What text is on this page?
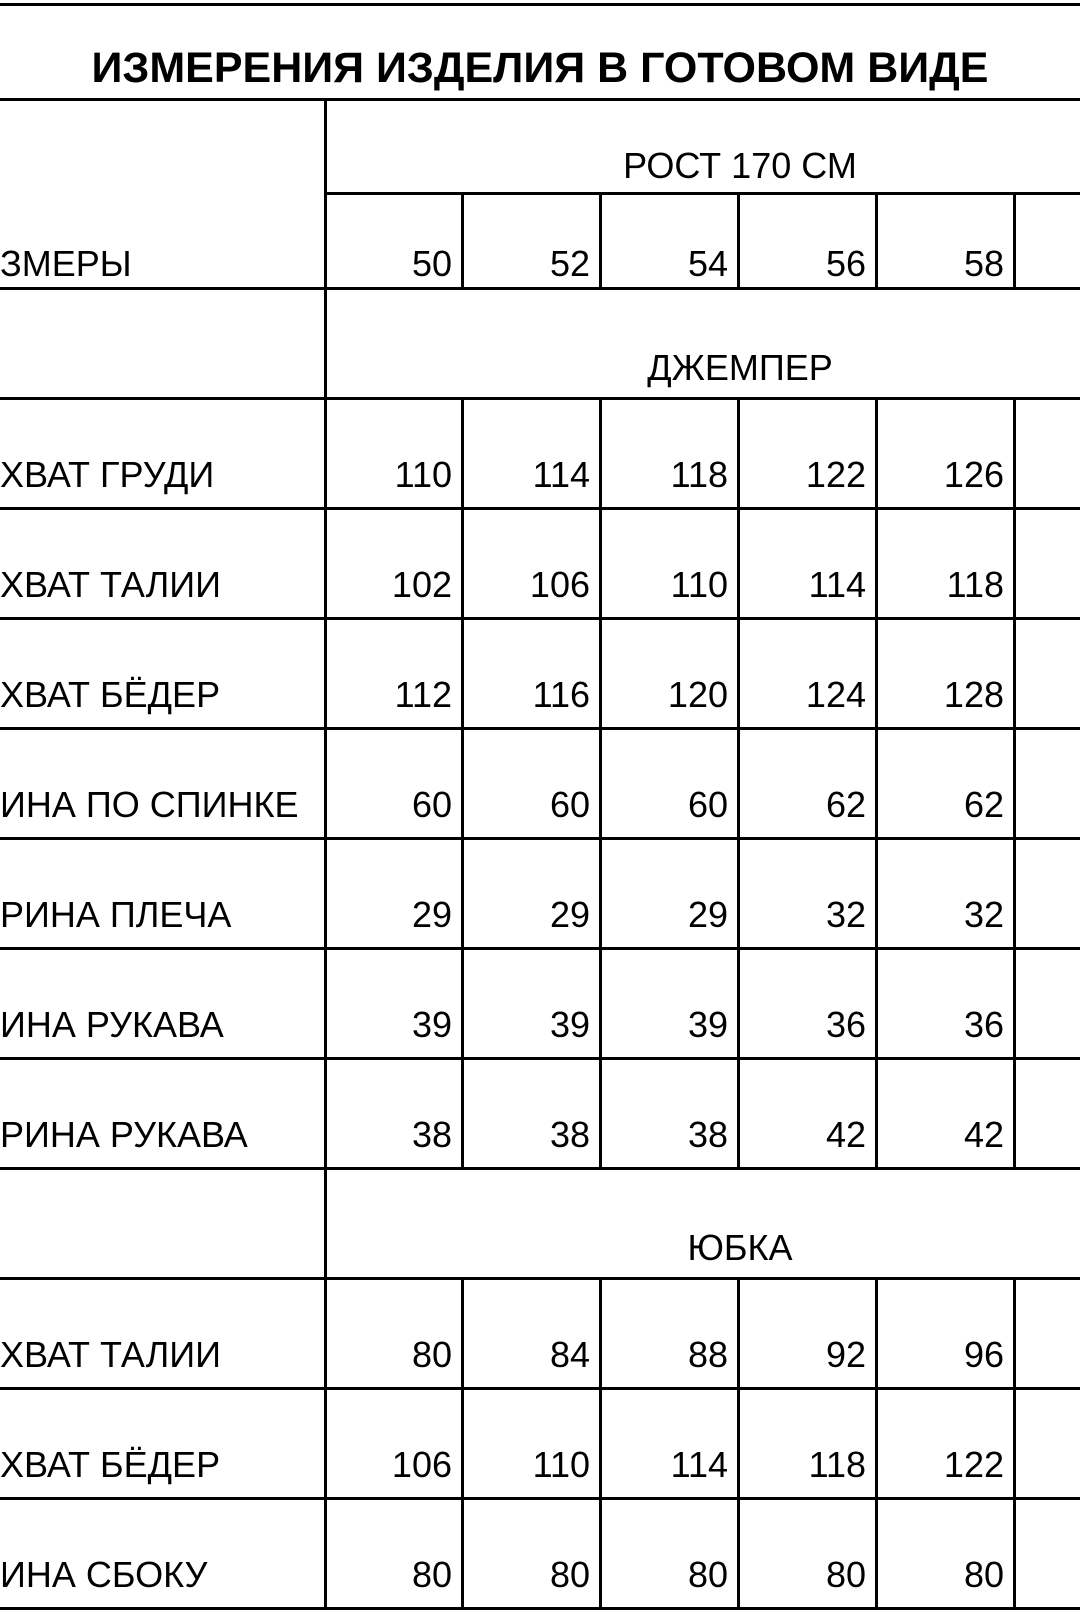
ИЗМЕРЕНИЯ ИЗДЕЛИЯ В ГОТОВОМ ВИДЕ
РОСТ 170 СМ
ЗМЕРЫ	50	52	54	56	58
ДЖЕМПЕР
ХВАТ ГРУДИ	110	114	118	122	126
ХВАТ ТАЛИИ	102	106	110	114	118
ХВАТ БЁДЕР	112	116	120	124	128
ИНА ПО СПИНКЕ	60	60	60	62	62
РИНА ПЛЕЧА	29	29	29	32	32
ИНА РУКАВА	39	39	39	36	36
РИНА РУКАВА	38	38	38	42	42
ЮБКА
ХВАТ ТАЛИИ	80	84	88	92	96
ХВАТ БЁДЕР	106	110	114	118	122
ИНА СБОКУ	80	80	80	80	80
